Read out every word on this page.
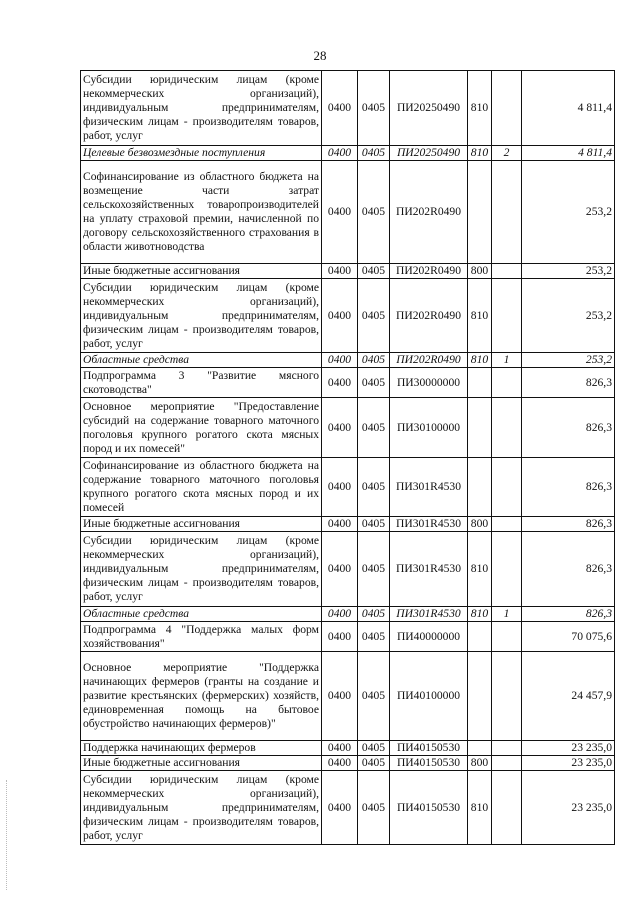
28
Субсидии юридическим лицам (кроме некоммерческих организаций), индивидуальным предпринимателям, физическим лицам - производителям товаров, работ, услуг	0400	0405	ПИ20250490	810		4 811,4
Целевые безвозмездные поступления	0400	0405	ПИ20250490	810	2	4 811,4
Софинансирование из областного бюджета на возмещение части затрат сельскохозяйственных товаропроизводителей на уплату страховой премии, начисленной по договору сельскохозяйственного страхования в области животноводства	0400	0405	ПИ202R0490			253,2
Иные бюджетные ассигнования	0400	0405	ПИ202R0490	800		253,2
Субсидии юридическим лицам (кроме некоммерческих организаций), индивидуальным предпринимателям, физическим лицам - производителям товаров, работ, услуг	0400	0405	ПИ202R0490	810		253,2
Областные средства	0400	0405	ПИ202R0490	810	1	253,2
Подпрограмма 3 "Развитие мясного скотоводства"	0400	0405	ПИ30000000			826,3
Основное мероприятие "Предоставление субсидий на содержание товарного маточного поголовья крупного рогатого скота мясных пород и их помесей"	0400	0405	ПИ30100000			826,3
Софинансирование из областного бюджета на содержание товарного маточного поголовья крупного рогатого скота мясных пород и их помесей	0400	0405	ПИ301R4530			826,3
Иные бюджетные ассигнования	0400	0405	ПИ301R4530	800		826,3
Субсидии юридическим лицам (кроме некоммерческих организаций), индивидуальным предпринимателям, физическим лицам - производителям товаров, работ, услуг	0400	0405	ПИ301R4530	810		826,3
Областные средства	0400	0405	ПИ301R4530	810	1	826,3
Подпрограмма 4 "Поддержка малых форм хозяйствования"	0400	0405	ПИ40000000			70 075,6
Основное мероприятие "Поддержка начинающих фермеров (гранты на создание и развитие крестьянских (фермерских) хозяйств, единовременная помощь на бытовое обустройство начинающих фермеров)"	0400	0405	ПИ40100000			24 457,9
Поддержка начинающих фермеров	0400	0405	ПИ40150530			23 235,0
Иные бюджетные ассигнования	0400	0405	ПИ40150530	800		23 235,0
Субсидии юридическим лицам (кроме некоммерческих организаций), индивидуальным предпринимателям, физическим лицам - производителям товаров, работ, услуг	0400	0405	ПИ40150530	810		23 235,0
